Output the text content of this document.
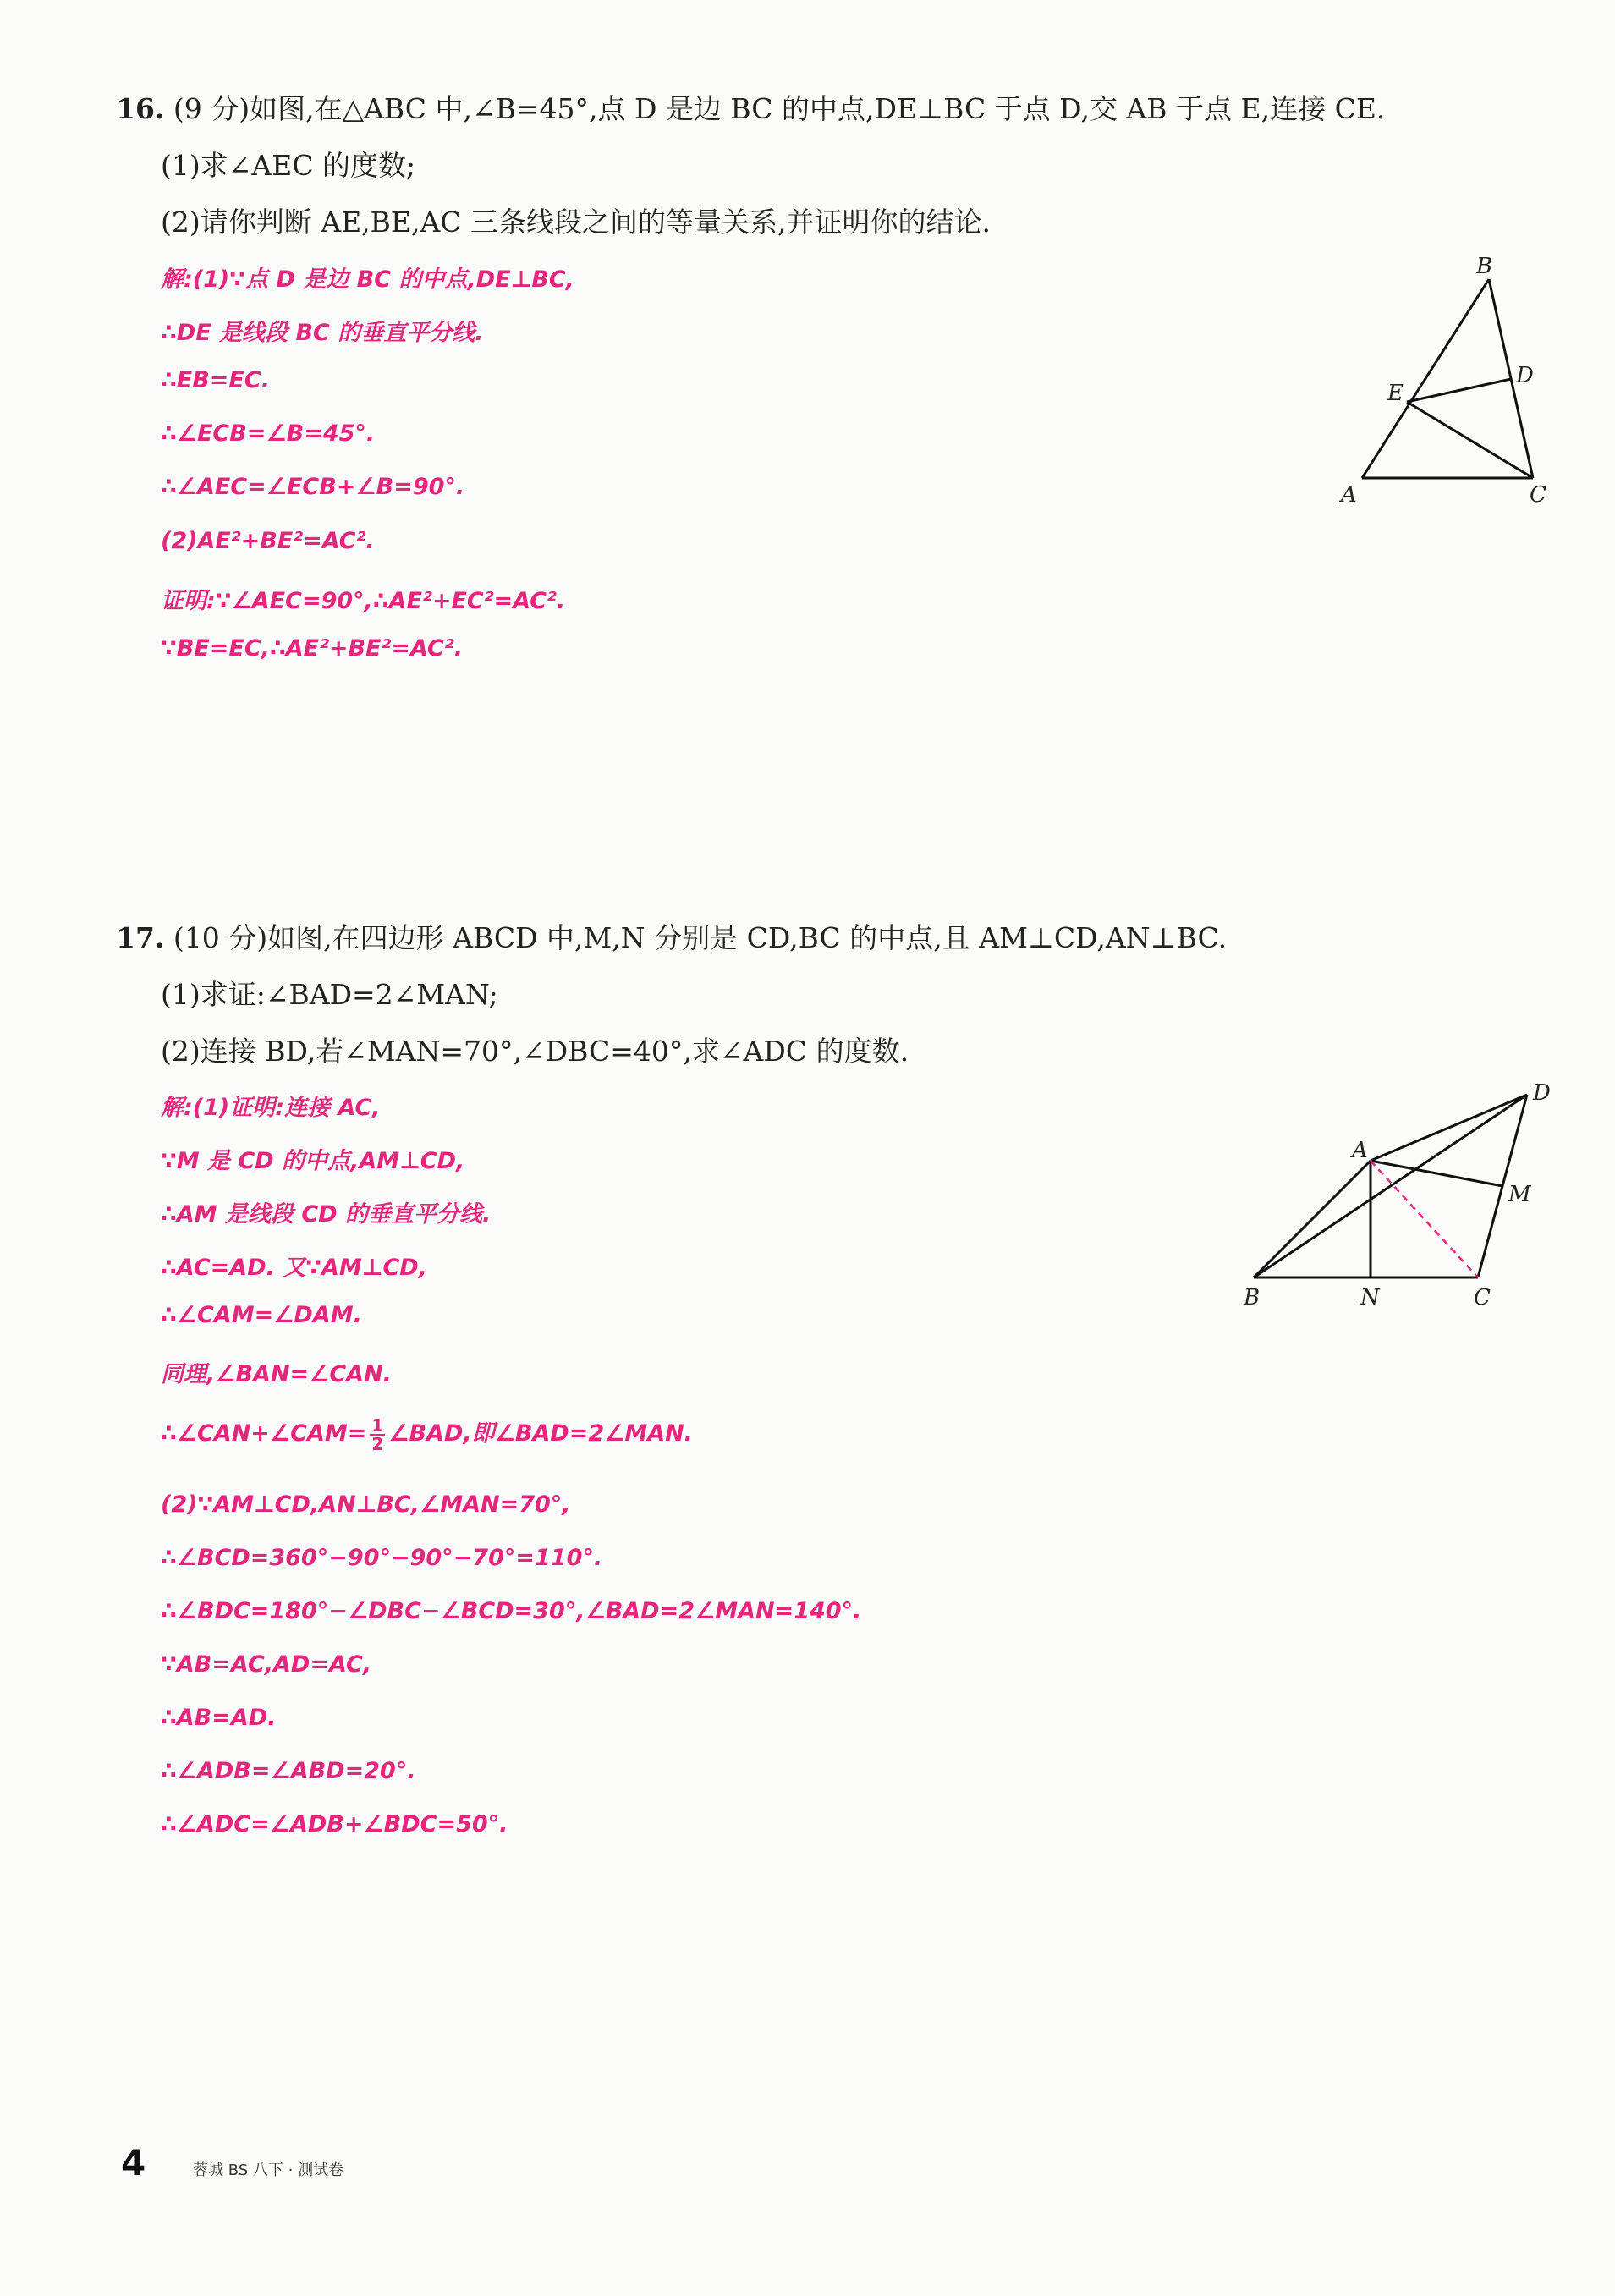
16. (9 分)如图,在△ABC 中,∠B=45°,点 D 是边 BC 的中点,DE⊥BC 于点 D,交 AB 于点 E,连接 CE.
(1)求∠AEC 的度数;
(2)请你判断 AE,BE,AC 三条线段之间的等量关系,并证明你的结论.
解:(1)∵点 D 是边 BC 的中点,DE⊥BC,
∴DE 是线段 BC 的垂直平分线.
∴EB=EC.
∴∠ECB=∠B=45°.
∴∠AEC=∠ECB+∠B=90°.
(2)AE²+BE²=AC².
证明:∵∠AEC=90°,∴AE²+EC²=AC².
∵BE=EC,∴AE²+BE²=AC².
B
D
E
A	C
17. (10 分)如图,在四边形 ABCD 中,M,N 分别是 CD,BC 的中点,且 AM⊥CD,AN⊥BC.
(1)求证:∠BAD=2∠MAN;
(2)连接 BD,若∠MAN=70°,∠DBC=40°,求∠ADC 的度数.
解:(1)证明:连接 AC,
∵M 是 CD 的中点,AM⊥CD,
∴AM 是线段 CD 的垂直平分线.
∴AC=AD. 又∵AM⊥CD,
∴∠CAM=∠DAM.
同理,∠BAN=∠CAN.
∴∠CAN+∠CAM= $\frac{1}{2}$ ∠BAD,即∠BAD=2∠MAN.
(2)∵AM⊥CD,AN⊥BC,∠MAN=70°,
∴∠BCD=360°−90°−90°−70°=110°.
∴∠BDC=180°−∠DBC−∠BCD=30°,∠BAD=2∠MAN=140°.
∵AB=AC,AD=AC,
∴AB=AD.
∴∠ADB=∠ABD=20°.
∴∠ADC=∠ADB+∠BDC=50°.
D
A
M
B	N	C
4	蓉城 BS 八下 · 测试卷
